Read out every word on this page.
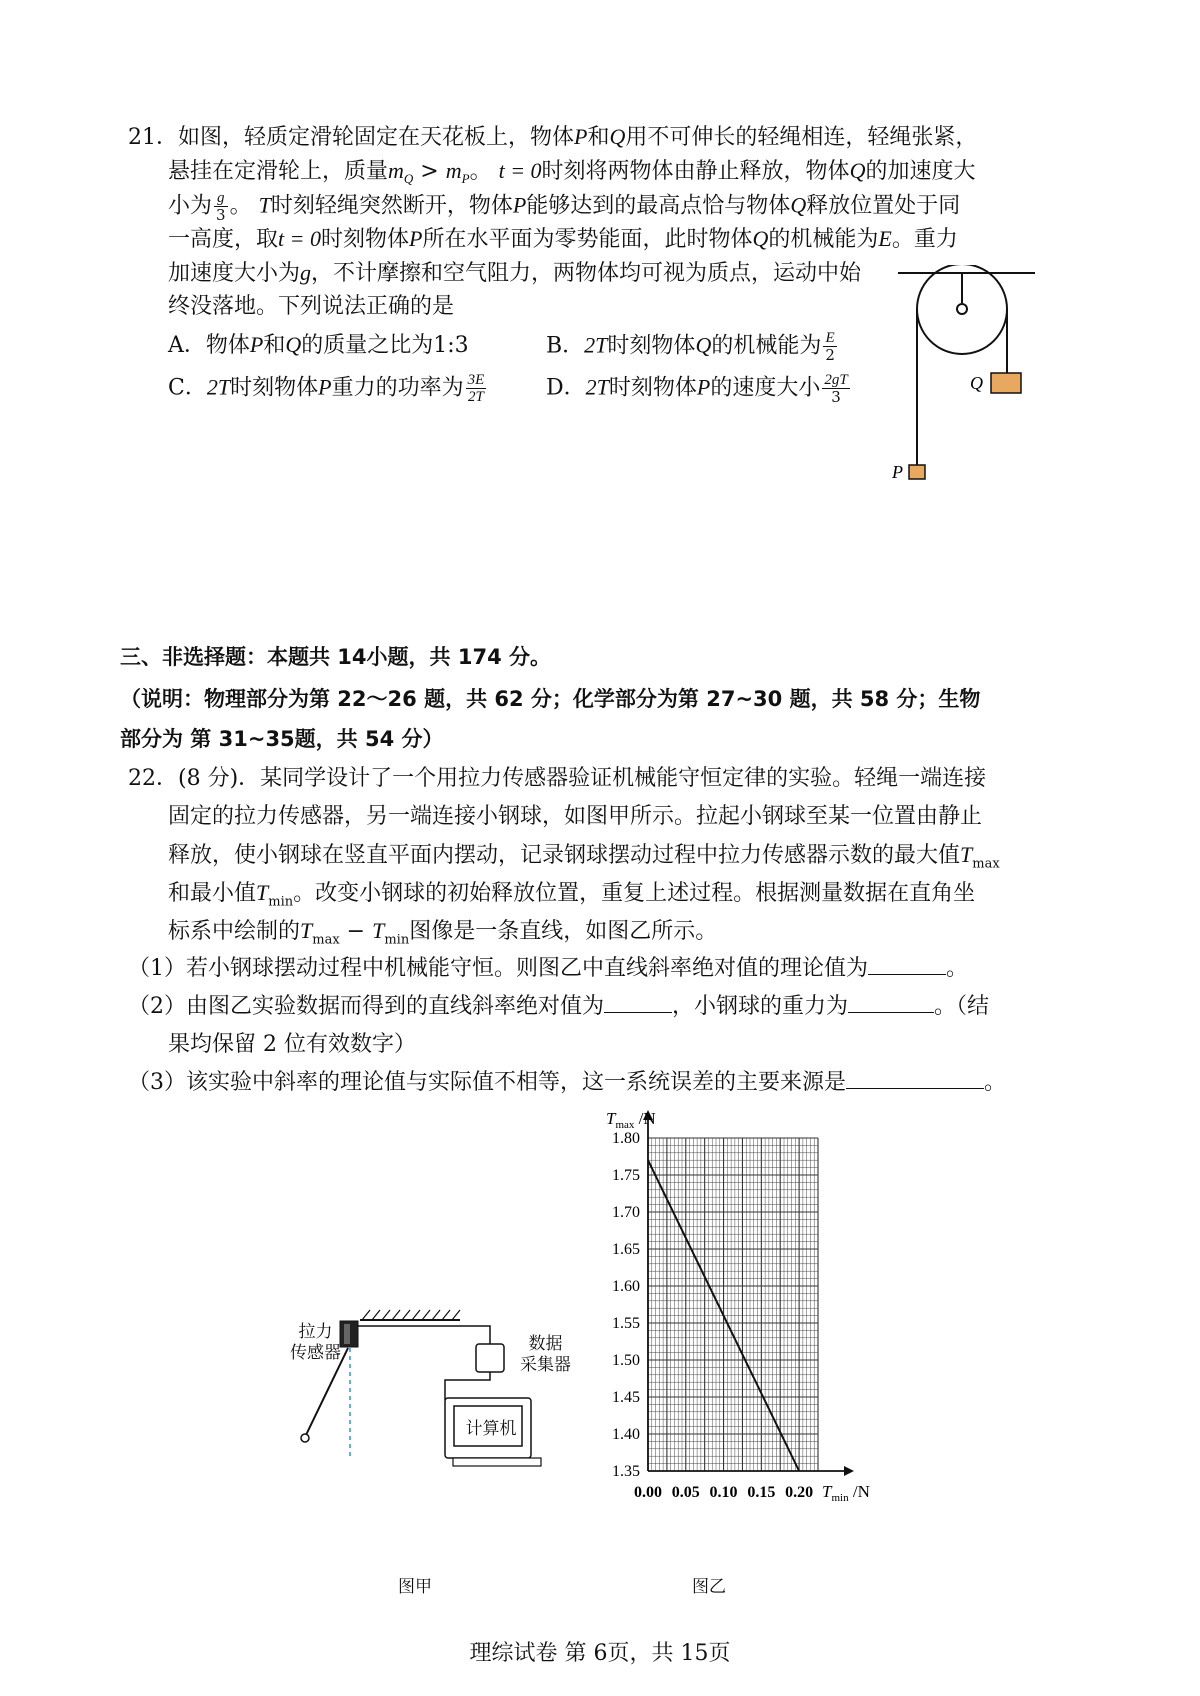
21．如图，轻质定滑轮固定在天花板上，物体P和Q用不可伸长的轻绳相连，轻绳张紧，
悬挂在定滑轮上，质量$m_Q > m_P$。 t = 0时刻将两物体由静止释放，物体Q的加速度大
小为 $\frac{g}{3}$ 。 T时刻轻绳突然断开，物体P能够达到的最高点恰与物体Q释放位置处于同
一高度，取t = 0时刻物体P所在水平面为零势能面，此时物体Q的机械能为E。重力
加速度大小为g，不计摩擦和空气阻力，两物体均可视为质点，运动中始
终没落地。下列说法正确的是
A．物体P和Q的质量之比为1:3	B．2T时刻物体Q的机械能为 $\frac{E}{2}$
C．2T时刻物体P重力的功率为 $\frac{3E}{2T}$	D．2T时刻物体P的速度大小 $\frac{2gT}{3}$	Q
P
三、非选择题：本题共 14小题，共 174 分。
（说明：物理部分为第 22～26 题，共 62 分；化学部分为第 27~30 题，共 58 分；生物
部分为 第 31~35题，共 54 分）
22．(8 分)．某同学设计了一个用拉力传感器验证机械能守恒定律的实验。轻绳一端连接
固定的拉力传感器，另一端连接小钢球，如图甲所示。拉起小钢球至某一位置由静止
释放，使小钢球在竖直平面内摆动，记录钢球摆动过程中拉力传感器示数的最大值$T_{max}$
和最小值$T_{min}$。改变小钢球的初始释放位置，重复上述过程。根据测量数据在直角坐
标系中绘制的$T_{max} - T_{min}$图像是一条直线，如图乙所示。
（1）若小钢球摆动过程中机械能守恒。则图乙中直线斜率绝对值的理论值为	。
（2）由图乙实验数据而得到的直线斜率绝对值为	，小钢球的重力为	。（结
果均保留 2 位有效数字）
（3）该实验中斜率的理论值与实际值不相等，这一系统误差的主要来源是	。
拉力
传感器	数据
采集器
计算机
图甲
0.00 0.05 0.10 0.15 0.20
1.80
1.75
1.70
1.65
1.60
1.55
1.50
1.45
1.40
1.35
$T_{max}$ /N
$T_{min}$ /N
图乙
理综试卷 第 6页，共 15页
